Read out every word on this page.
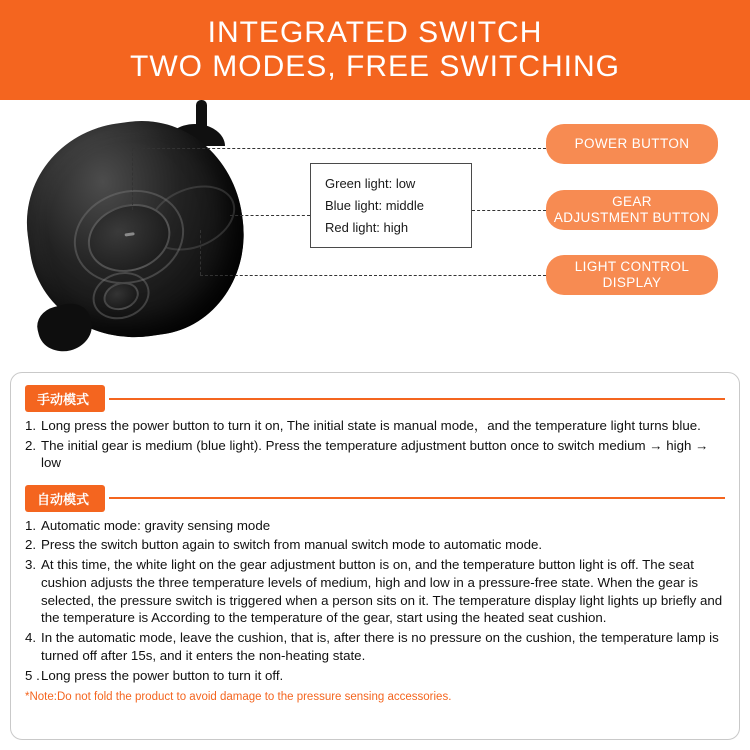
INTEGRATED SWITCH
TWO MODES, FREE SWITCHING
Green light: low
Blue light: middle
Red light: high
POWER BUTTON
GEAR
ADJUSTMENT BUTTON
LIGHT CONTROL
DISPLAY
手动模式
1. Long press the power button to turn it on, The initial state is manual mode，and the temperature light turns blue.
2. The initial gear is medium (blue light). Press the temperature adjustment button once to switch medium → high → low
自动模式
1. Automatic mode: gravity sensing mode
2. Press the switch button again to switch from manual switch mode to automatic mode.
3. At this time, the white light on the gear adjustment button is on, and the temperature button light is off. The seat cushion adjusts the three temperature levels of medium, high and low in a pressure-free state. When the gear is selected, the pressure switch is triggered when a person sits on it. The temperature display light lights up briefly and the temperature is According to the temperature of the gear, start using the heated seat cushion.
4. In the automatic mode, leave the cushion, that is, after there is no pressure on the cushion, the temperature lamp is turned off after 15s, and it enters the non-heating state.
5 . Long press the power button to turn it off.
*Note:Do not fold the product to avoid damage to the pressure sensing accessories.
